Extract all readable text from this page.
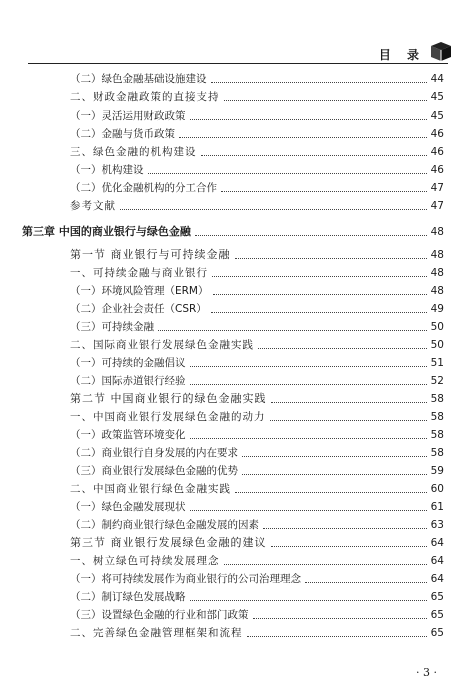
目 录
（二）绿色金融基础设施建设	44
二、财政金融政策的直接支持	45
（一）灵活运用财政政策	45
（二）金融与货币政策	46
三、绿色金融的机构建设	46
（一）机构建设	46
（二）优化金融机构的分工合作	47
参考文献	47
第三章 中国的商业银行与绿色金融	48
第一节 商业银行与可持续金融	48
一、可持续金融与商业银行	48
（一）环境风险管理（ERM）	48
（二）企业社会责任（CSR）	49
（三）可持续金融	50
二、国际商业银行发展绿色金融实践	50
（一）可持续的金融倡议	51
（二）国际赤道银行经验	52
第二节 中国商业银行的绿色金融实践	58
一、中国商业银行发展绿色金融的动力	58
（一）政策监管环境变化	58
（二）商业银行自身发展的内在要求	58
（三）商业银行发展绿色金融的优势	59
二、中国商业银行绿色金融实践	60
（一）绿色金融发展现状	61
（二）制约商业银行绿色金融发展的因素	63
第三节 商业银行发展绿色金融的建议	64
一、树立绿色可持续发展理念	64
（一）将可持续发展作为商业银行的公司治理理念	64
（二）制订绿色发展战略	65
（三）设置绿色金融的行业和部门政策	65
二、完善绿色金融管理框架和流程	65
· 3 ·
